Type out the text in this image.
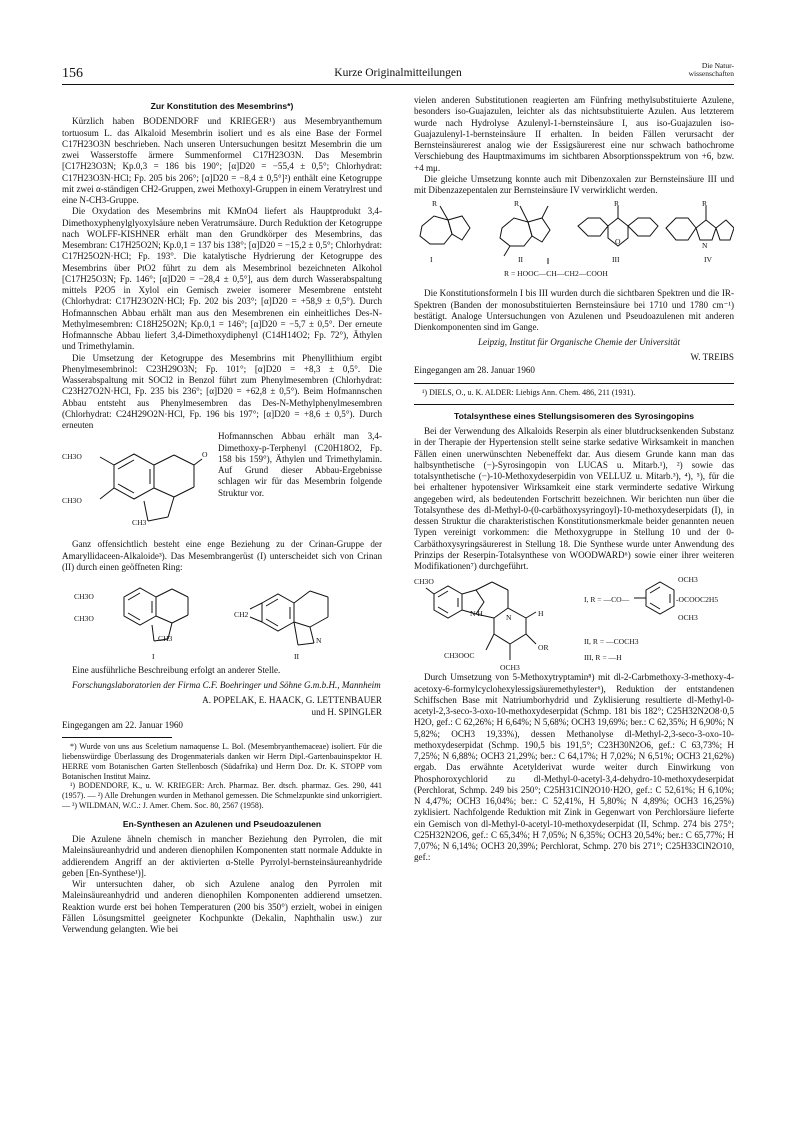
156	Kurze Originalmitteilungen
Die Natur-
wissenschaften
Zur Konstitution des Mesembrins*)

Kürzlich haben BODENDORF und KRIEGER¹) aus Mesembryanthemum tortuosum L. das Alkaloid Mesembrin isoliert und es als eine Base der Formel C17H23O3N beschrieben. Nach unseren Untersuchungen besitzt Mesembrin die um zwei Wasserstoffe ärmere Summenformel C17H23O3N. Das Mesembrin [C17H23O3N; Kp.0,3 = 186 bis 190°; [α]D20 = −55,4 ± 0,5°; Chlorhydrat: C17H23O3N·HCl; Fp. 205 bis 206°; [α]D20 = −8,4 ± 0,5°]²) enthält eine Ketogruppe mit zwei α-ständigen CH2-Gruppen, zwei Methoxyl-Gruppen in einem Veratrylrest und eine N-CH3-Gruppe.

Die Oxydation des Mesembrins mit KMnO4 liefert als Hauptprodukt 3,4-Dimethoxyphenylglyoxylsäure neben Veratrumsäure. Durch Reduktion der Ketogruppe nach WOLFF-KISHNER erhält man den Grundkörper des Mesembrins, das Mesembran: C17H25O2N; Kp.0,1 = 137 bis 138°; [α]D20 = −15,2 ± 0,5°; Chlorhydrat: C17H25O2N·HCl; Fp. 193°. Die katalytische Hydrierung der Ketogruppe des Mesembrins über PtO2 führt zu dem als Mesembrinol bezeichneten Alkohol [C17H25O3N; Fp. 146°; [α]D20 = −28,4 ± 0,5°], aus dem durch Wasserabspaltung mittels P2O5 in Xylol ein Gemisch zweier isomerer Mesembrene entsteht (Chlorhydrat: C17H23O2N·HCl; Fp. 202 bis 203°; [α]D20 = +58,9 ± 0,5°). Durch Hofmannschen Abbau erhält man aus den Mesembrenen ein einheitliches Des-N-Methylmesembren: C18H25O2N; Kp.0,1 = 146°; [α]D20 = −5,7 ± 0,5°. Der erneute Hofmannsche Abbau liefert 3,4-Dimethoxydiphenyl (C14H14O2; Fp. 72°), Äthylen und Trimethylamin.

Die Umsetzung der Ketogruppe des Mesembrins mit Phenyllithium ergibt Phenylmesembrinol: C23H29O3N; Fp. 101°; [α]D20 = +8,3 ± 0,5°. Die Wasserabspaltung mit SOCl2 in Benzol führt zum Phenylmesembren (Chlorhydrat: C23H27O2N·HCl, Fp. 235 bis 236°; [α]D20 = +62,8 ± 0,5°). Beim Hofmannschen Abbau entsteht aus Phenylmesembren das Des-N-Methylphenylmesembren (Chlorhydrat: C24H29O2N·HCl, Fp. 196 bis 197°; [α]D20 = +8,6 ± 0,5°). Durch erneuten

O
CH3O
CH3O
CH3

Hofmannschen Abbau erhält man 3,4-Dimethoxy-p-Terphenyl (C20H18O2, Fp. 158 bis 159°), Äthylen und Trimethylamin. Auf Grund dieser Abbau-Ergebnisse schlagen wir für das Mesembrin folgende Struktur vor.

Ganz offensichtlich besteht eine enge Beziehung zu der Crinan-Gruppe der Amaryllidaceen-Alkaloide³). Das Mesembrangerüst (I) unterscheidet sich von Crinan (II) durch einen geöffneten Ring:

CH3O
CH3O
CH3	N
CH2
I	II

Eine ausführliche Beschreibung erfolgt an anderer Stelle.

Forschungslaboratorien der Firma C.F. Boehringer und Söhne G.m.b.H., Mannheim

A. POPELAK, E. HAACK, G. LETTENBAUER
und H. SPINGLER
Eingegangen am 22. Januar 1960

*) Wurde von uns aus Sceletium namaquense L. Bol. (Mesembryanthemaceae) isoliert. Für die liebenswürdige Überlassung des Drogenmaterials danken wir Herrn Dipl.-Gartenbauinspektor H. HERRE vom Botanischen Garten Stellenbosch (Südafrika) und Herrn Doz. Dr. K. STOPP vom Botanischen Institut Mainz.

¹) BODENDORF, K., u. W. KRIEGER: Arch. Pharmaz. Ber. dtsch. pharmaz. Ges. 290, 441 (1957). — ²) Alle Drehungen wurden in Methanol gemessen. Die Schmelzpunkte sind unkorrigiert. — ³) WILDMAN, W.C.: J. Amer. Chem. Soc. 80, 2567 (1958).

En-Synthesen an Azulenen und Pseudoazulenen

Die Azulene ähneln chemisch in mancher Beziehung den Pyrrolen, die mit Maleinsäureanhydrid und anderen dienophilen Komponenten statt normale Addukte in addierendem Angriff an der aktivierten α-Stelle Pyrrolyl-bernsteinsäureanhydride geben [En-Synthese¹)].

Wir untersuchten daher, ob sich Azulene analog den Pyrrolen mit Maleinsäureanhydrid und anderen dienophilen Komponenten addierend umsetzen. Reaktion wurde erst bei hohen Temperaturen (200 bis 350°) erzielt, wobei in einigen Fällen Lösungsmittel geeigneter Kochpunkte (Dekalin, Naphthalin usw.) zur Verwendung gelangten. Wie bei

vielen anderen Substitutionen reagierten am Fünfring methylsubstituierte Azulene, besonders iso-Guajazulen, leichter als das nichtsubstituierte Azulen. Aus letzterem wurde nach Hydrolyse Azulenyl-1-bernsteinsäure I, aus iso-Guajazulen iso-Guajazulenyl-1-bernsteinsäure II erhalten. In beiden Fällen verursacht der Bernsteinsäurerest analog wie der Essigsäurerest eine nur schwach bathochrome Verschiebung des Hauptmaximums im sichtbaren Absorptionsspektrum von +6, bzw. +4 mμ.

Die gleiche Umsetzung konnte auch mit Dibenzoxalen zur Bernsteinsäure III und mit Dibenzazepentalen zur Bernsteinsäure IV verwirklicht werden.

R	R	R	R
O	N
I	II	III	IV
R = HOOC—CH—CH2—COOH

Die Konstitutionsformeln I bis III wurden durch die sichtbaren Spektren und die IR-Spektren (Banden der monosubstituierten Bernsteinsäure bei 1710 und 1780 cm⁻¹) bestätigt. Analoge Untersuchungen von Azulenen und Pseudoazulenen mit anderen Dienkomponenten sind im Gange.

Leipzig, Institut für Organische Chemie der Universität

W. TREIBS
Eingegangen am 28. Januar 1960

¹) DIELS, O., u. K. ALDER: Liebigs Ann. Chem. 486, 211 (1931).

Totalsynthese eines Stellungsisomeren des Syrosingopins

Bei der Verwendung des Alkaloids Reserpin als einer blutdrucksenkenden Substanz in der Therapie der Hypertension stellt seine starke sedative Wirksamkeit in manchen Fällen einen unerwünschten Nebeneffekt dar. Aus diesem Grunde kann man das halbsynthetische (−)-Syrosingopin von LUCAS u. Mitarb.¹), ²) sowie das totalsynthetische (−)-10-Methoxydeserpidin von VELLUZ u. Mitarb.³), ⁴), ⁵), für die bei erhaltener hypotensiver Wirksamkeit eine stark verminderte sedative Wirkung angegeben wird, als bedeutenden Fortschritt bezeichnen. Wir berichten nun über die Totalsynthese des dl-Methyl-0-(0-carbäthoxysyringoyl)-10-methoxydeserpidats (I), in dessen Struktur die charakteristischen Konstitutionsmerkmale beider genannten neuen Typen vereinigt vorkommen: die Methoxygruppe in Stellung 10 und der 0-Carbäthoxysyringsäurerest in Stellung 18. Die Synthese wurde unter Anwendung des Prinzips der Reserpin-Totalsynthese von WOODWARD⁶) sowie einer ihrer weiteren Modifikationen⁷) durchgeführt.

CH3O
N H	N	H
CH3OOC
OCH3
OR
I, R = —CO—
OCH3
-OCOOC2H5
OCH3
II, R = —COCH3
III, R = —H

Durch Umsetzung von 5-Methoxytryptamin⁸) mit dl-2-Carbmethoxy-3-methoxy-4-acetoxy-6-formylcyclohexylessigsäuremethylester⁶), Reduktion der entstandenen Schiffschen Base mit Natriumborhydrid und Zyklisierung resultierte dl-Methyl-0-acetyl-2,3-seco-3-oxo-10-methoxydeserpidat (Schmp. 181 bis 182°; C25H32N2O8·0,5 H2O, gef.: C 62,26%; H 6,64%; N 5,68%; OCH3 19,69%; ber.: C 62,35%; H 6,90%; N 5,82%; OCH3 19,33%), dessen Methanolyse dl-Methyl-2,3-seco-3-oxo-10-methoxydeserpidat (Schmp. 190,5 bis 191,5°; C23H30N2O6, gef.: C 63,73%; H 7,25%; N 6,88%; OCH3 21,29%; ber.: C 64,17%; H 7,02%; N 6,51%; OCH3 21,62%) ergab. Das erwähnte Acetylderivat wurde weiter durch Einwirkung von Phosphoroxychlorid zu dl-Methyl-0-acetyl-3,4-dehydro-10-methoxydeserpidat (Perchlorat, Schmp. 249 bis 250°; C25H31ClN2O10·H2O, gef.: C 52,61%; H 6,10%; N 4,47%; OCH3 16,04%; ber.: C 52,41%, H 5,80%; N 4,89%; OCH3 16,25%) zyklisiert. Nachfolgende Reduktion mit Zink in Gegenwart von Perchlorsäure lieferte ein Gemisch von dl-Methyl-0-acetyl-10-methoxydeserpidat (II, Schmp. 274 bis 275°; C25H32N2O6, gef.: C 65,34%; H 7,05%; N 6,35%; OCH3 20,54%; ber.: C 65,77%; H 7,07%; N 6,14%; OCH3 20,39%; Perchlorat, Schmp. 270 bis 271°; C25H33ClN2O10, gef.:
